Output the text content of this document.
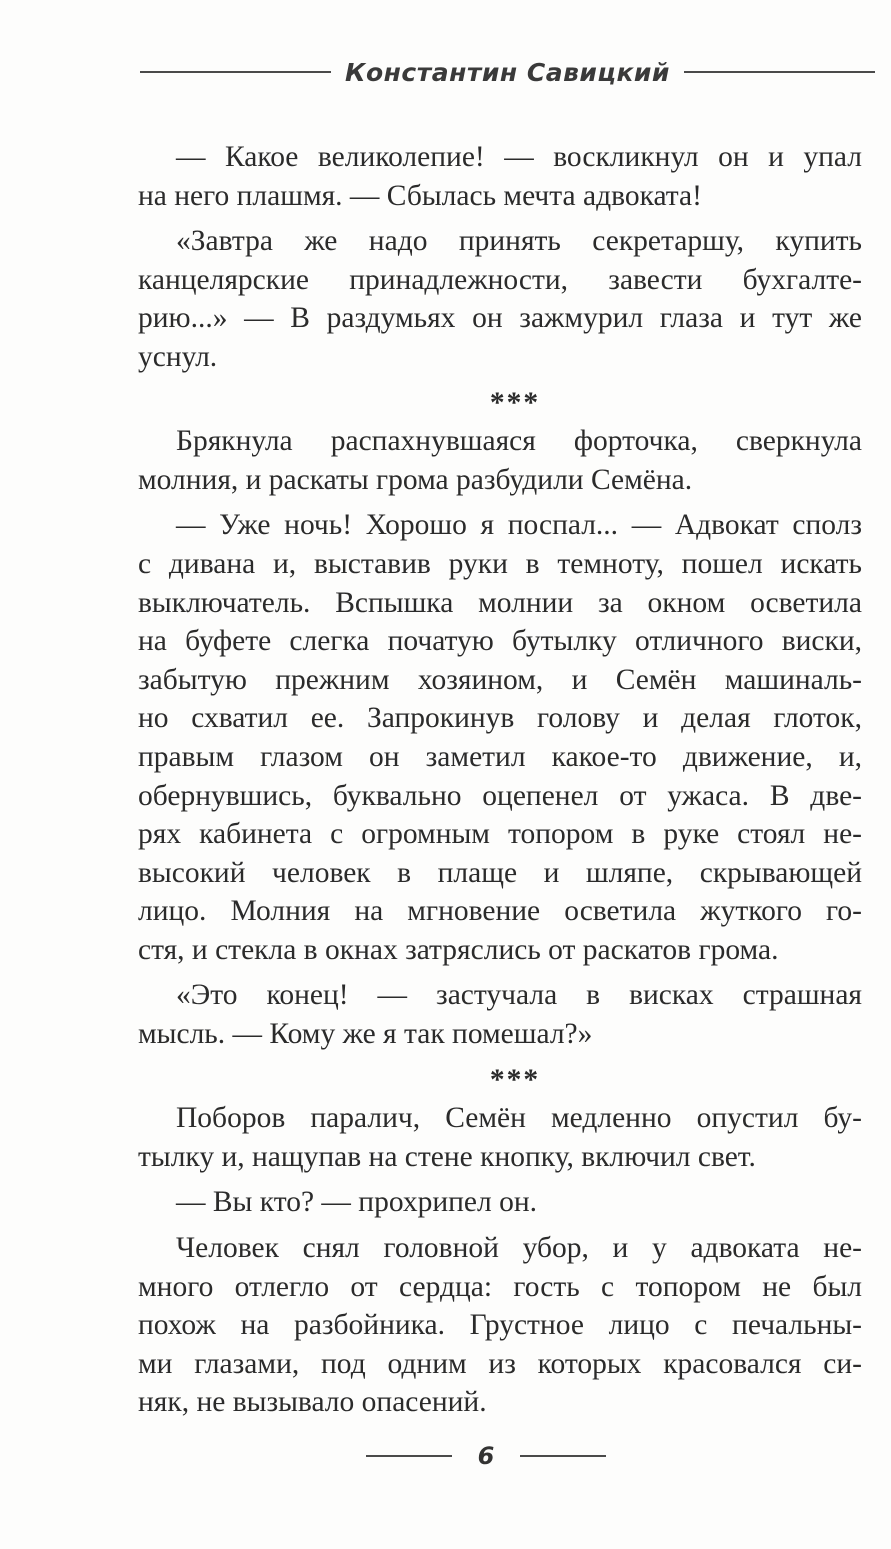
Константин Савицкий
— Какое великолепие! — воскликнул он и упал
на него плашмя. — Сбылась мечта адвоката!
«Завтра же надо принять секретаршу, купить
канцелярские принадлежности, завести бухгалте-
рию...» — В раздумьях он зажмурил глаза и тут же
уснул.
***
Брякнула распахнувшаяся форточка, сверкнула
молния, и раскаты грома разбудили Семёна.
— Уже ночь! Хорошо я поспал... — Адвокат сполз
с дивана и, выставив руки в темноту, пошел искать
выключатель. Вспышка молнии за окном осветила
на буфете слегка початую бутылку отличного виски,
забытую прежним хозяином, и Семён машиналь-
но схватил ее. Запрокинув голову и делая глоток,
правым глазом он заметил какое-то движение, и,
обернувшись, буквально оцепенел от ужаса. В две-
рях кабинета с огромным топором в руке стоял не-
высокий человек в плаще и шляпе, скрывающей
лицо. Молния на мгновение осветила жуткого го-
стя, и стекла в окнах затряслись от раскатов грома.
«Это конец! — застучала в висках страшная
мысль. — Кому же я так помешал?»
***
Поборов паралич, Семён медленно опустил бу-
тылку и, нащупав на стене кнопку, включил свет.
— Вы кто? — прохрипел он.
Человек снял головной убор, и у адвоката не-
много отлегло от сердца: гость с топором не был
похож на разбойника. Грустное лицо с печальны-
ми глазами, под одним из которых красовался си-
няк, не вызывало опасений.
6
